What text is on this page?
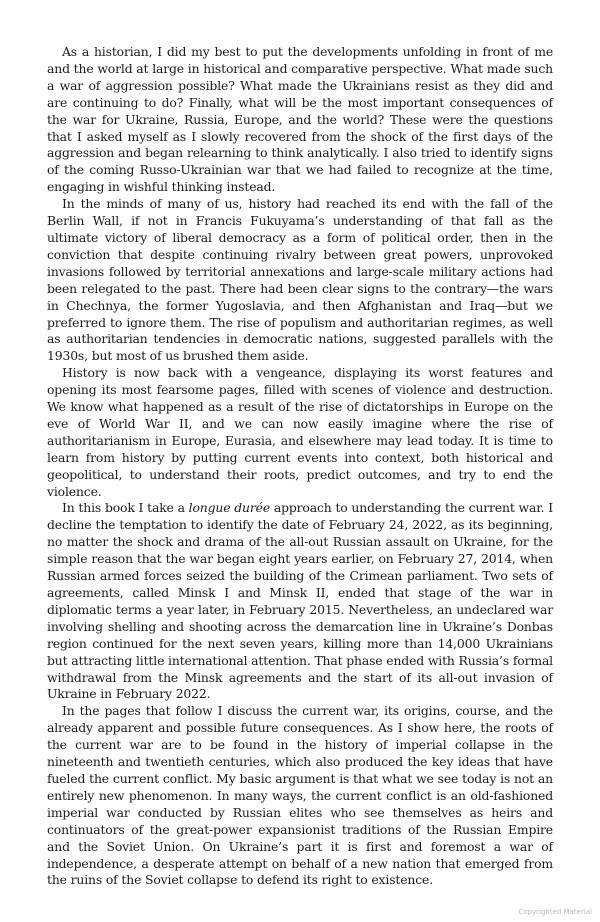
As a historian, I did my best to put the developments unfolding in front of me and the world at large in historical and comparative perspective. What made such a war of aggression possible? What made the Ukrainians resist as they did and are continuing to do? Finally, what will be the most important consequences of the war for Ukraine, Russia, Europe, and the world? These were the questions that I asked myself as I slowly recovered from the shock of the first days of the aggression and began relearning to think analytically. I also tried to identify signs of the coming Russo-Ukrainian war that we had failed to recognize at the time, engaging in wishful thinking instead.

In the minds of many of us, history had reached its end with the fall of the Berlin Wall, if not in Francis Fukuyama’s understanding of that fall as the ultimate victory of liberal democracy as a form of political order, then in the conviction that despite continuing rivalry between great powers, unprovoked invasions followed by territorial annexations and large-scale military actions had been relegated to the past. There had been clear signs to the contrary—the wars in Chechnya, the former Yugoslavia, and then Afghanistan and Iraq—but we preferred to ignore them. The rise of populism and authoritarian regimes, as well as authoritarian tendencies in democratic nations, suggested parallels with the 1930s, but most of us brushed them aside.

History is now back with a vengeance, displaying its worst features and opening its most fearsome pages, filled with scenes of violence and destruction. We know what happened as a result of the rise of dictatorships in Europe on the eve of World War II, and we can now easily imagine where the rise of authoritarianism in Europe, Eurasia, and elsewhere may lead today. It is time to learn from history by putting current events into context, both historical and geopolitical, to understand their roots, predict outcomes, and try to end the violence.

In this book I take a longue durée approach to understanding the current war. I decline the temptation to identify the date of February 24, 2022, as its beginning, no matter the shock and drama of the all-out Russian assault on Ukraine, for the simple reason that the war began eight years earlier, on February 27, 2014, when Russian armed forces seized the building of the Crimean parliament. Two sets of agreements, called Minsk I and Minsk II, ended that stage of the war in diplomatic terms a year later, in February 2015. Nevertheless, an undeclared war involving shelling and shooting across the demarcation line in Ukraine’s Donbas region continued for the next seven years, killing more than 14,000 Ukrainians but attracting little international attention. That phase ended with Russia’s formal withdrawal from the Minsk agreements and the start of its all-out invasion of Ukraine in February 2022.

In the pages that follow I discuss the current war, its origins, course, and the already apparent and possible future consequences. As I show here, the roots of the current war are to be found in the history of imperial collapse in the nineteenth and twentieth centuries, which also produced the key ideas that have fueled the current conflict. My basic argument is that what we see today is not an entirely new phenomenon. In many ways, the current conflict is an old-fashioned imperial war conducted by Russian elites who see themselves as heirs and continuators of the great-power expansionist traditions of the Russian Empire and the Soviet Union. On Ukraine’s part it is first and foremost a war of independence, a desperate attempt on behalf of a new nation that emerged from the ruins of the Soviet collapse to defend its right to existence.

Copyrighted Material
